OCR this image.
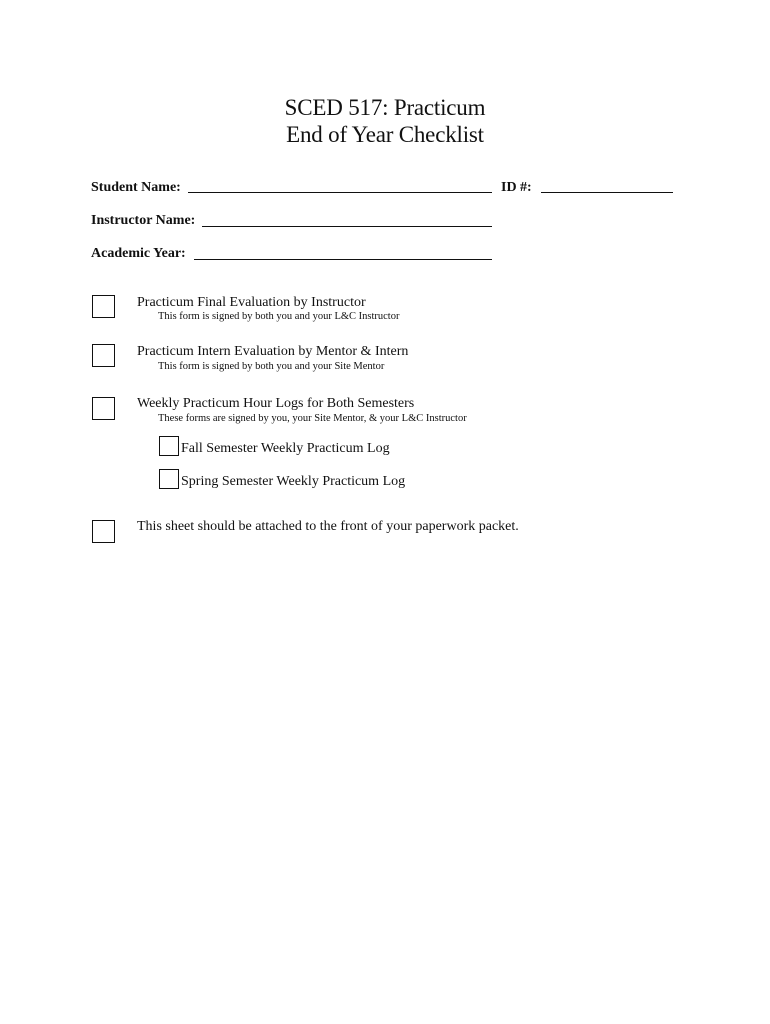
SCED 517: Practicum
End of Year Checklist
Student Name:	ID #:
Instructor Name:
Academic Year:
Practicum Final Evaluation by Instructor
This form is signed by both you and your L&C Instructor
Practicum Intern Evaluation by Mentor & Intern
This form is signed by both you and your Site Mentor
Weekly Practicum Hour Logs for Both Semesters
These forms are signed by you, your Site Mentor, & your L&C Instructor
Fall Semester Weekly Practicum Log
Spring Semester Weekly Practicum Log
This sheet should be attached to the front of your paperwork packet.
